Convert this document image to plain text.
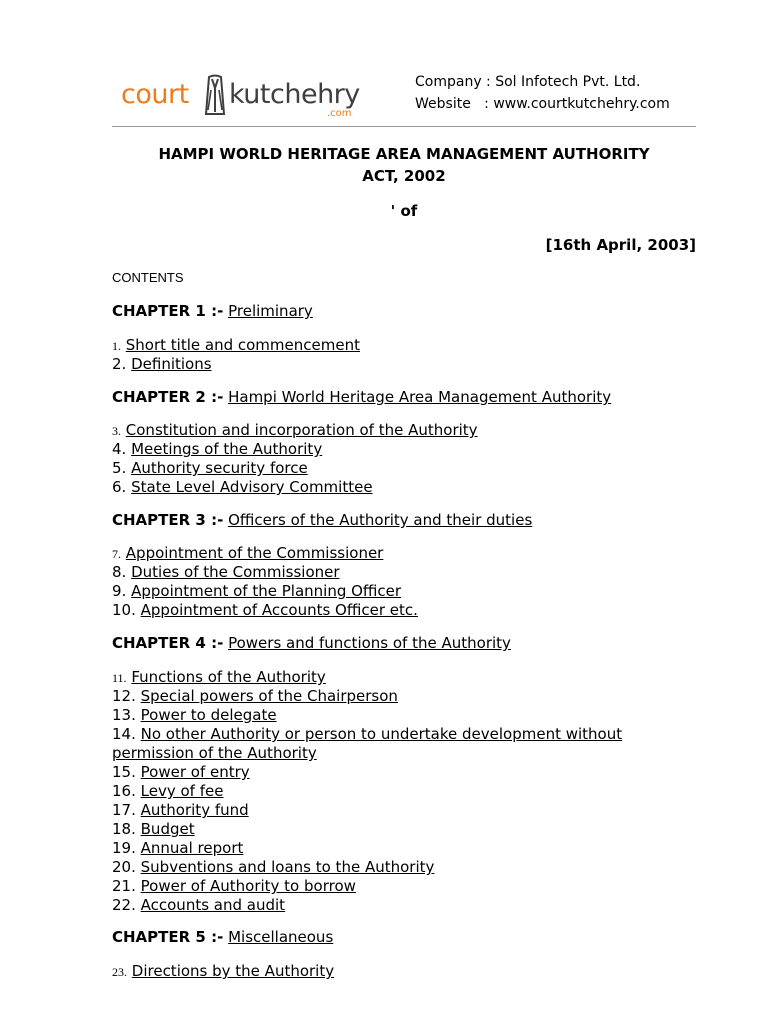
court kutchehry
.com
Company : Sol Infotech Pvt. Ltd.
Website   : www.courtkutchehry.com
HAMPI WORLD HERITAGE AREA MANAGEMENT AUTHORITY
ACT, 2002
' of
[16th April, 2003]
CONTENTS
CHAPTER 1 :- Preliminary
1. Short title and commencement
2. Definitions
CHAPTER 2 :- Hampi World Heritage Area Management Authority
3. Constitution and incorporation of the Authority
4. Meetings of the Authority
5. Authority security force
6. State Level Advisory Committee
CHAPTER 3 :- Officers of the Authority and their duties
7. Appointment of the Commissioner
8. Duties of the Commissioner
9. Appointment of the Planning Officer
10. Appointment of Accounts Officer etc.
CHAPTER 4 :- Powers and functions of the Authority
11. Functions of the Authority
12. Special powers of the Chairperson
13. Power to delegate
14. No other Authority or person to undertake development without permission of the Authority
15. Power of entry
16. Levy of fee
17. Authority fund
18. Budget
19. Annual report
20. Subventions and loans to the Authority
21. Power of Authority to borrow
22. Accounts and audit
CHAPTER 5 :- Miscellaneous
23. Directions by the Authority
